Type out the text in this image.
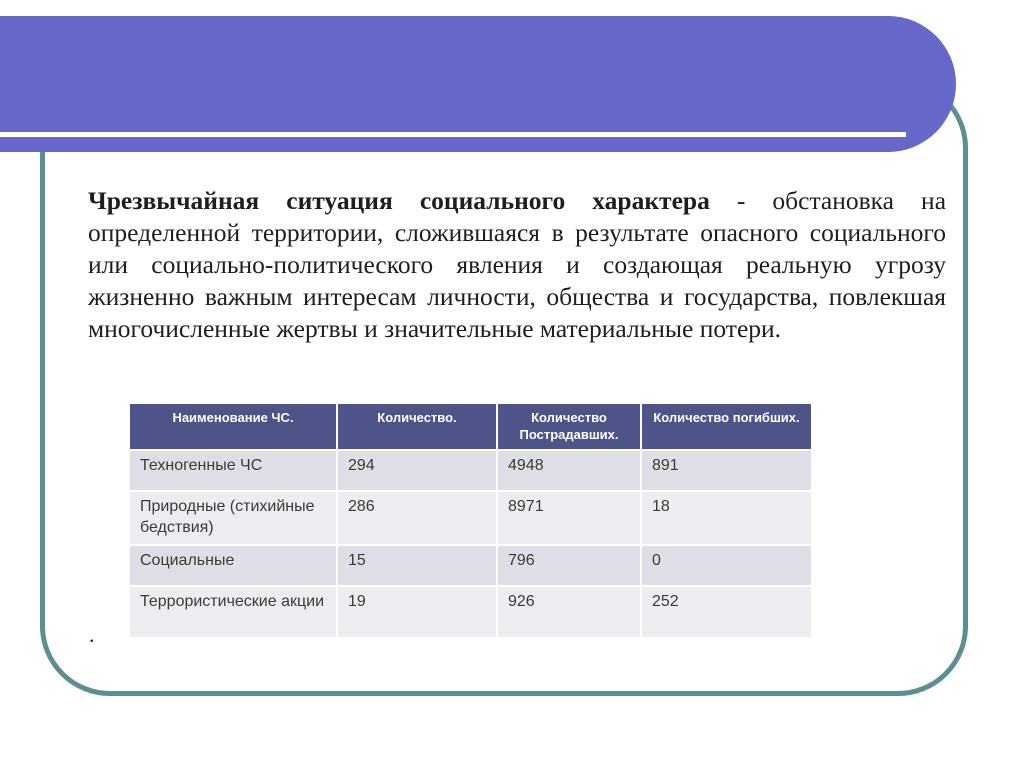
Чрезвычайная ситуация социального характера - обстановка на определенной территории, сложившаяся в результате опасного социального или социально-политического явления и создающая реальную угрозу жизненно важным интересам личности, общества и государства, повлекшая многочисленные жертвы и значительные материальные потери.

Наименование ЧС.	Количество.	Количество Пострадавших.	Количество погибших.
Техногенные ЧС	294	4948	891
Природные (стихийные бедствия)	286	8971	18
Социальные	15	796	0
Террористические акции	19	926	252
.
